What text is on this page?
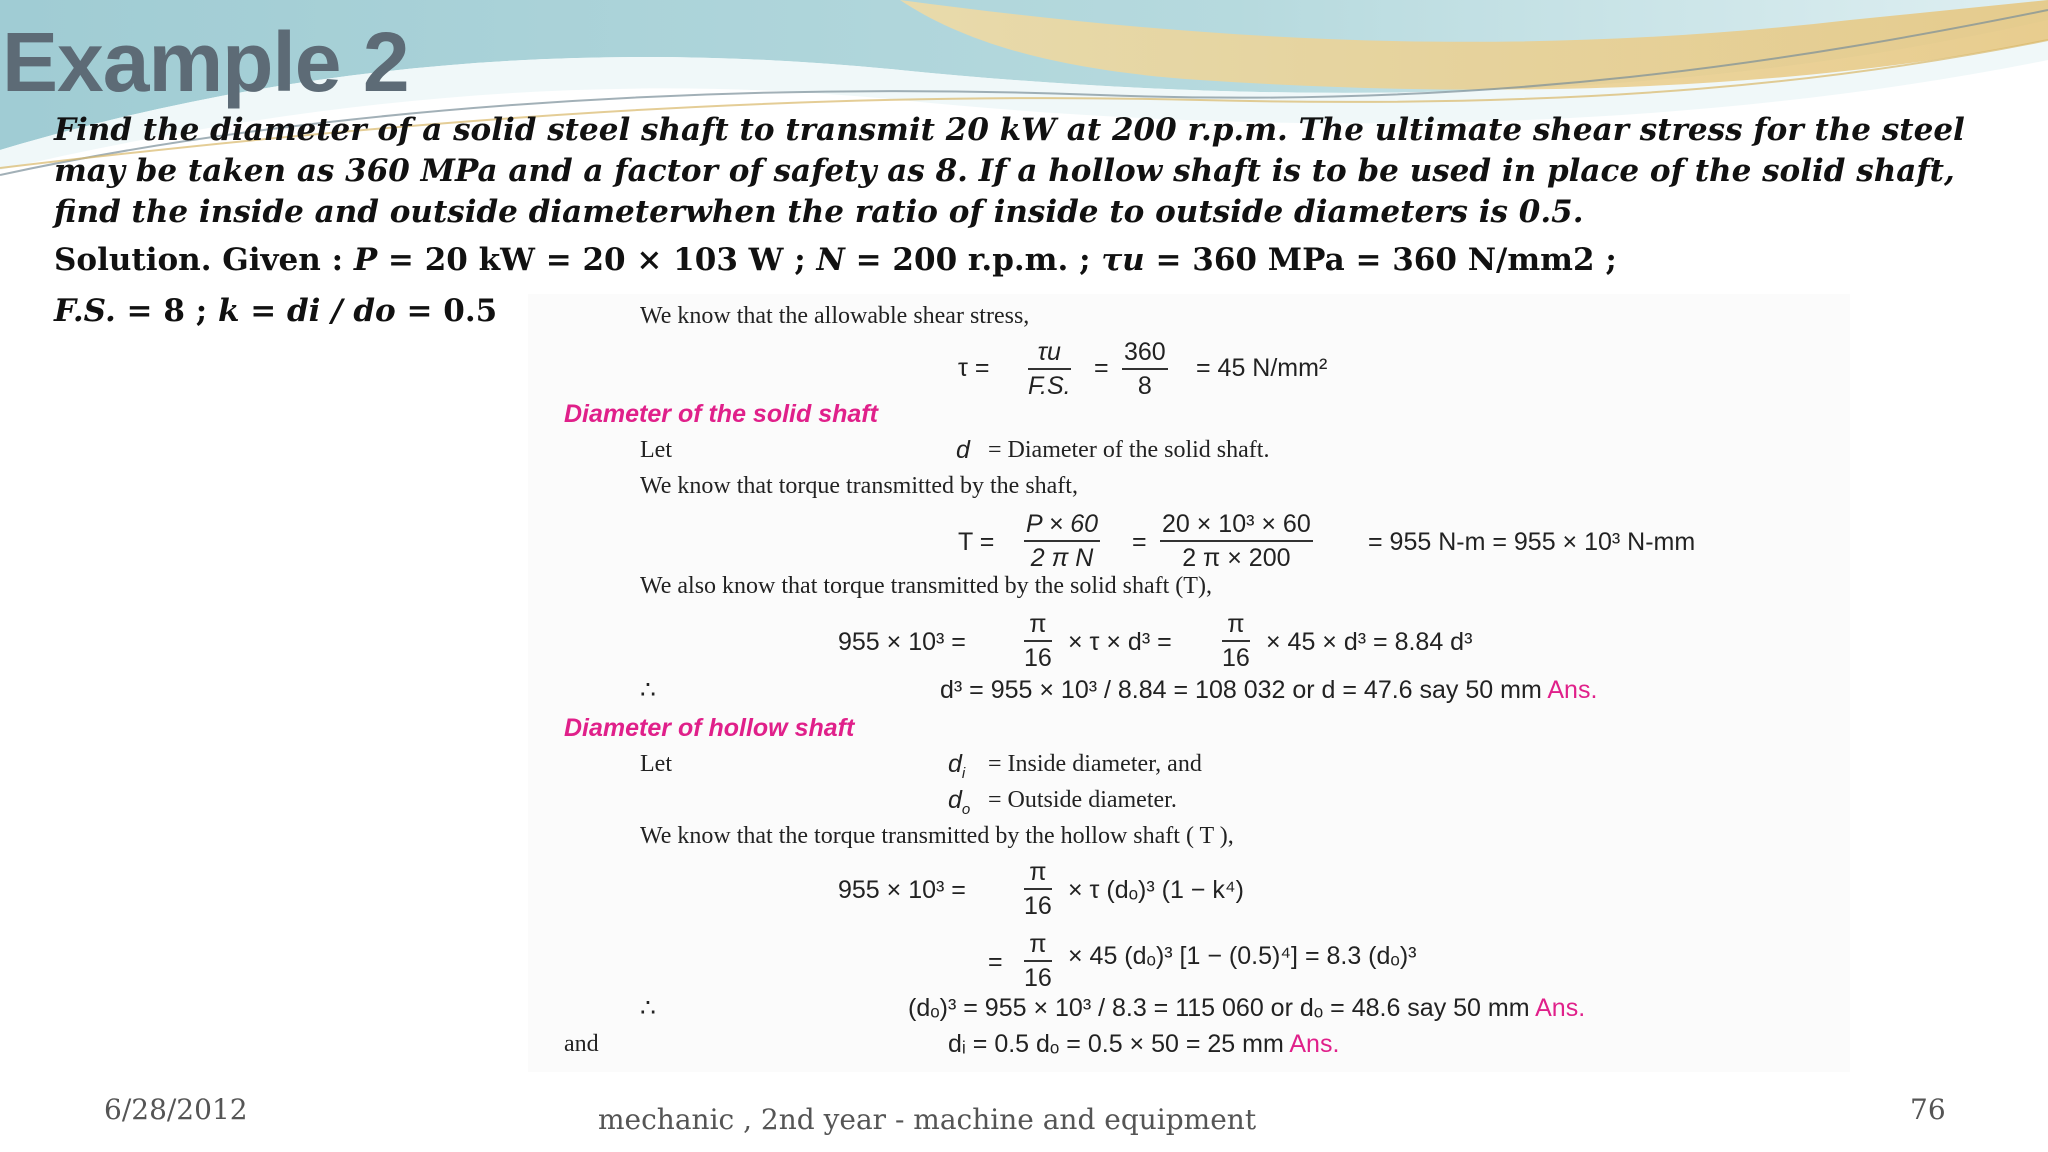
Example 2

Find the diameter of a solid steel shaft to transmit 20 kW at 200 r.p.m. The ultimate shear stress for the steel may be taken as 360 MPa and a factor of safety as 8. If a hollow shaft is to be used in place of the solid shaft, find the inside and outside diameterwhen the ratio of inside to outside diameters is 0.5.

Solution. Given : P = 20 kW = 20 × 103 W ; N = 200 r.p.m. ; τu = 360 MPa = 360 N/mm2 ;
F.S. = 8 ; k = di / do = 0.5	We know that the allowable shear stress,
$\tau = \frac{\tau u}{F.S.} = \frac{360}{8} = 45$ N/mm²
Diameter of the solid shaft
Let	d = Diameter of the solid shaft.
We know that torque transmitted by the shaft,
$T = \frac{P \times 60}{\text{2 π N}} = \frac{\text{20 × 10³ × 60}}{2 \pi \times 200} = 955$ N-m = 955 × 10³ N-mm
We also know that torque transmitted by the solid shaft (T),
$955 \times 10^3 = \frac{\pi}{16} \times \tau \times d^3 = \frac{\pi}{16} \times 45 \times d^3 = 8.84$ d³
∴	d³ = 955 × 10³ / 8.84 = 108 032 or d = 47.6 say 50 mm Ans.
Diameter of hollow shaft
Let	$d_i$ = Inside diameter, and
$d_o$ = Outside diameter.
We know that the torque transmitted by the hollow shaft ( T ),
$955 \times 10^3 = \frac{\pi}{16} \times \tau$ (dₒ)³ (1 − k⁴)
= $\frac{\pi}{16} \times 45$ (dₒ)³ [1 − (0.5)⁴] = 8.3 (dₒ)³
∴	(dₒ)³ = 955 × 10³ / 8.3 = 115 060 or dₒ = 48.6 say 50 mm Ans.
and	dᵢ = 0.5 dₒ = 0.5 × 50 = 25 mm Ans.
6/28/2012	mechanic , 2nd year - machine and equipment	76
